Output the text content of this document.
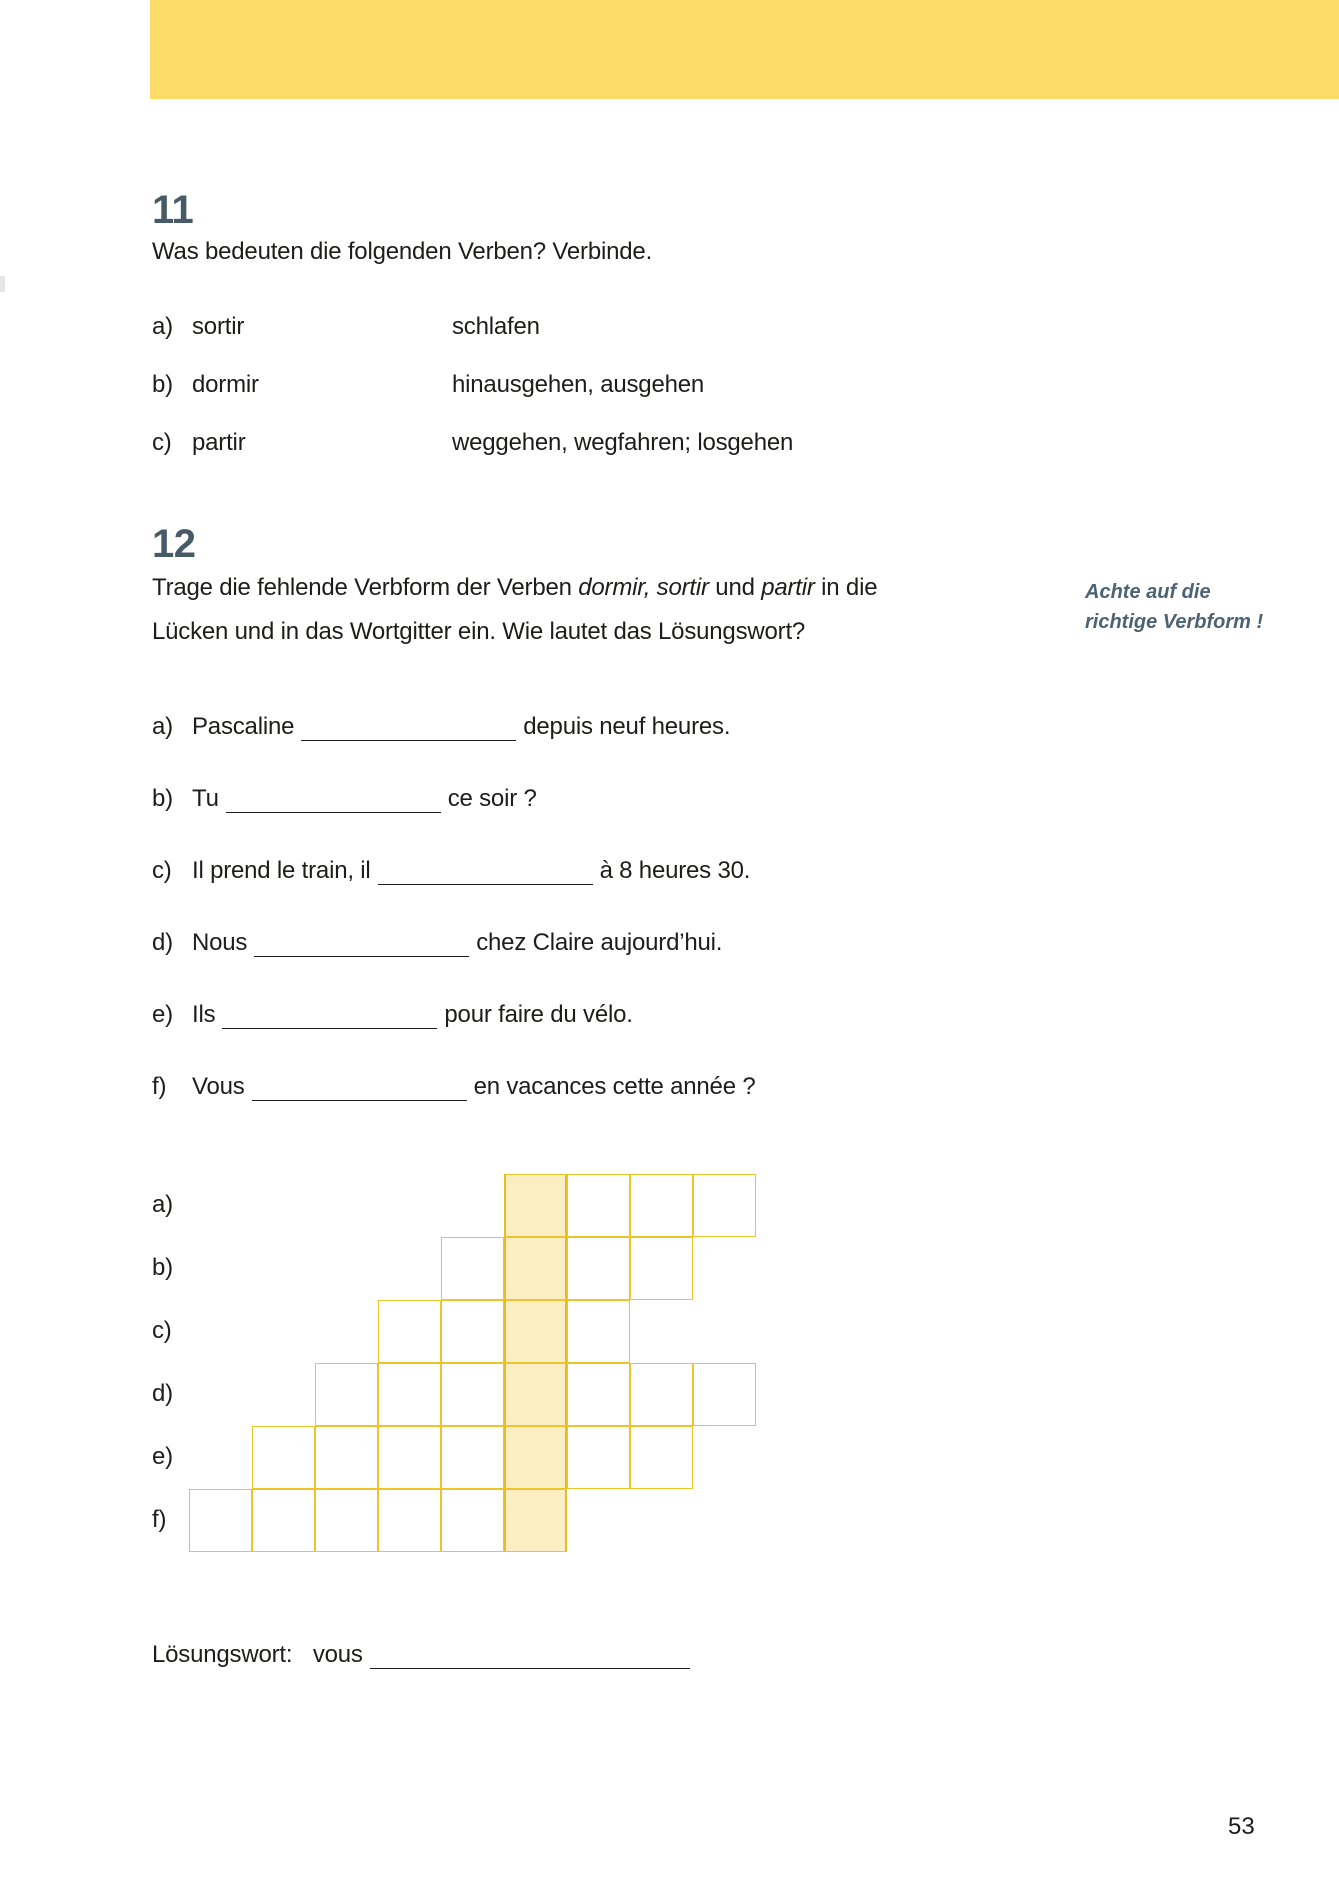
11
Was bedeuten die folgenden Verben? Verbinde.
a) sortir	schlafen
b) dormir	hinausgehen, ausgehen
c) partir	weggehen, wegfahren; losgehen
12
Trage die fehlende Verbform der Verben dormir, sortir und partir in die
Lücken und in das Wortgitter ein. Wie lautet das Lösungswort?
Achte auf die
richtige Verbform !
a) Pascaline	depuis neuf heures.
b) Tu	ce soir ?
c) Il prend le train, il	à 8 heures 30.
d) Nous	chez Claire aujourd’hui.
e) Ils	pour faire du vélo.
f) Vous	en vacances cette année ?
a)
b)
c)
d)
e)
f)
Lösungswort: vous
53
